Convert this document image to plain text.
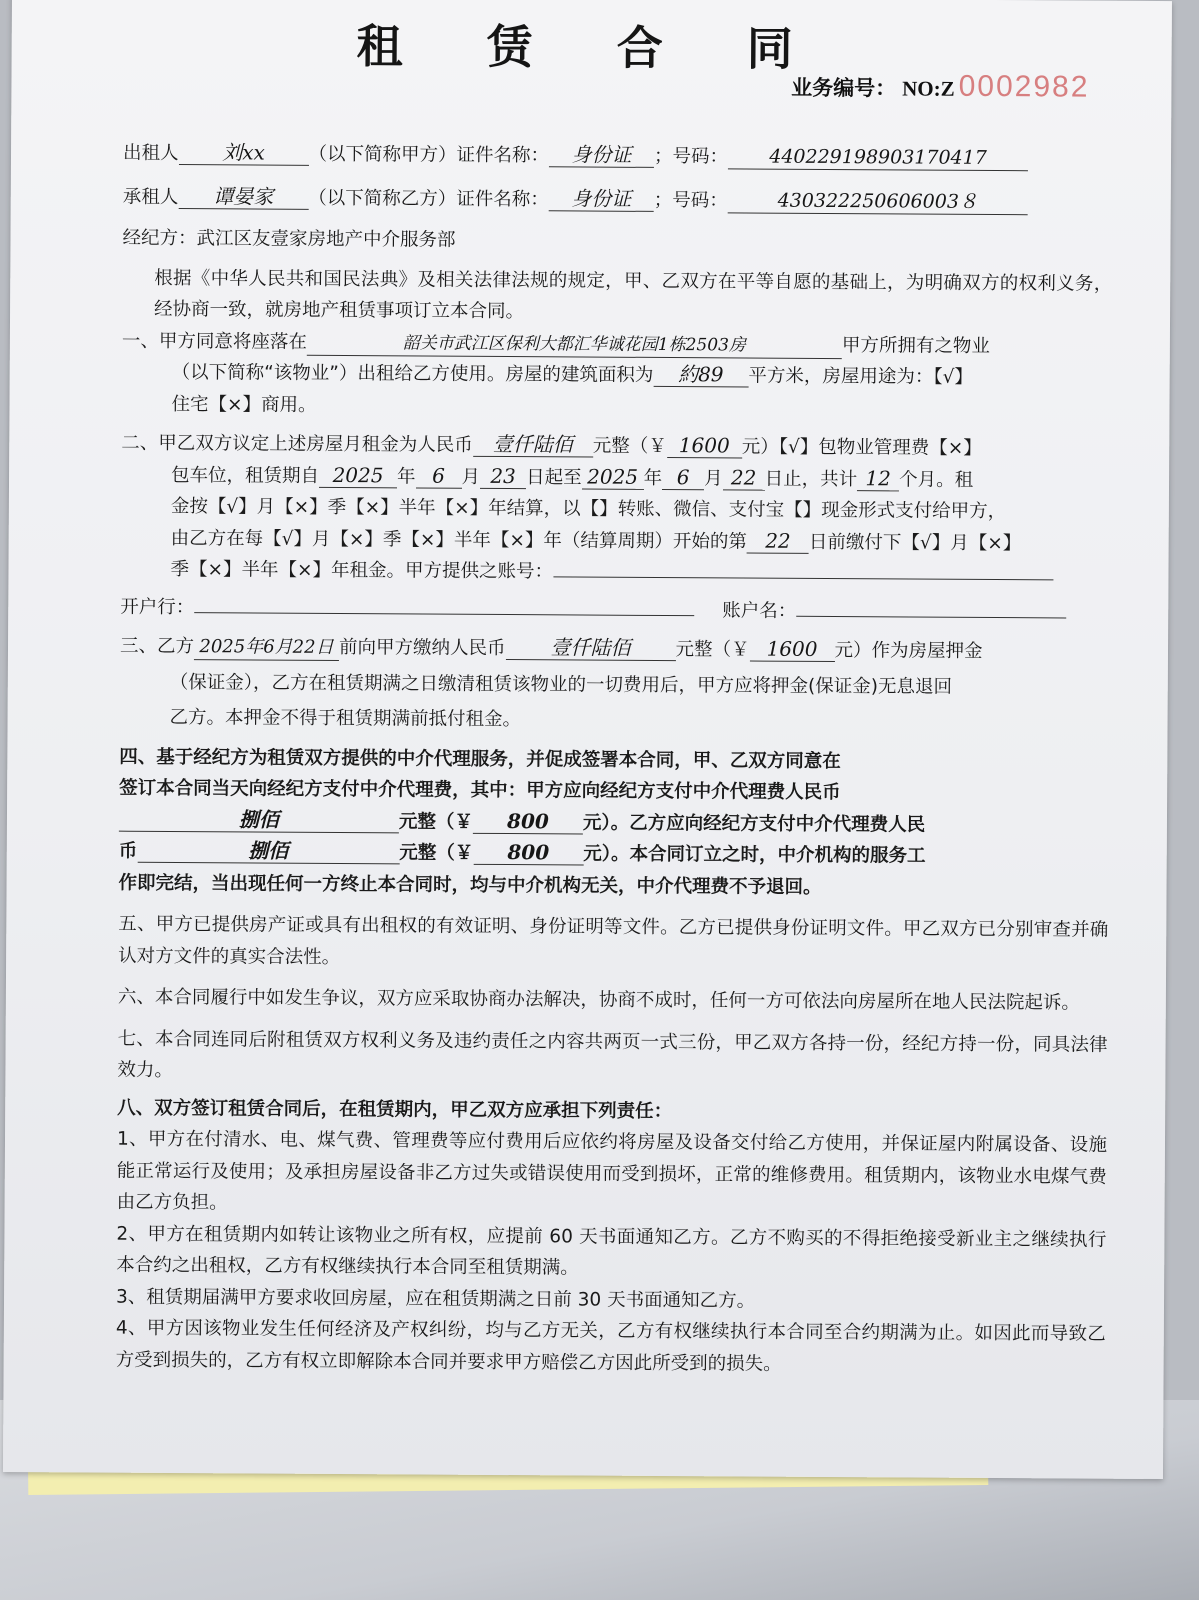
租 赁 合 同
业务编号： NO:Z 0002982
出租人 刘xx （以下简称甲方）证件名称： 身份证 ；号码： 440229198903170417
承租人 谭晏家 （以下简称乙方）证件名称： 身份证 ；号码：	430322250606003８
经纪方：武江区友壹家房地产中介服务部
根据《中华人民共和国民法典》及相关法律法规的规定，甲、乙双方在平等自愿的基础上，为明确双方的权利义务，经协商一致，就房地产租赁事项订立本合同。
一、甲方同意将座落在	韶关市武江区保利大都汇华诚花园1栋2503房	甲方所拥有之物业
（以下简称“该物业”）出租给乙方使用。房屋的建筑面积为 約89 平方米，房屋用途为：【√】
住宅【×】商用。
二、甲乙双方议定上述房屋月租金为人民币 壹仟陆佰 元整（￥ 1600 元）【√】包物业管理费【×】
包车位，租赁期自 2025 年 6 月 23 日起至 2025 年 6 月 22 日止，共计 12 个月。租
金按【√】月【×】季【×】半年【×】年结算，以【】转账、微信、支付宝【】现金形式支付给甲方，
由乙方在每【√】月【×】季【×】半年【×】年（结算周期）开始的第 22 日前缴付下【√】月【×】
季【×】半年【×】年租金。甲方提供之账号：
开户行：	账户名：
三、乙方 2025年6月22日 前向甲方缴纳人民币 壹仟陆佰 元整（￥ 1600 元）作为房屋押金
（保证金），乙方在租赁期满之日缴清租赁该物业的一切费用后，甲方应将押金(保证金)无息退回
乙方。本押金不得于租赁期满前抵付租金。
四、基于经纪方为租赁双方提供的中介代理服务，并促成签署本合同，甲、乙双方同意在
签订本合同当天向经纪方支付中介代理费，其中：甲方应向经纪方支付中介代理费人民币
捌佰	元整（￥ 800 元）。乙方应向经纪方支付中介代理费人民
币	捌佰	元整（￥ 800 元）。本合同订立之时，中介机构的服务工
作即完结，当出现任何一方终止本合同时，均与中介机构无关，中介代理费不予退回。
五、甲方已提供房产证或具有出租权的有效证明、身份证明等文件。乙方已提供身份证明文件。甲乙双方已分别审查并确认对方文件的真实合法性。
六、本合同履行中如发生争议，双方应采取协商办法解决，协商不成时，任何一方可依法向房屋所在地人民法院起诉。
七、本合同连同后附租赁双方权利义务及违约责任之内容共两页一式三份，甲乙双方各持一份，经纪方持一份，同具法律效力。
八、双方签订租赁合同后，在租赁期内，甲乙双方应承担下列责任：
1、甲方在付清水、电、煤气费、管理费等应付费用后应依约将房屋及设备交付给乙方使用，并保证屋内附属设备、设施能正常运行及使用；及承担房屋设备非乙方过失或错误使用而受到损坏，正常的维修费用。租赁期内，该物业水电煤气费由乙方负担。
2、甲方在租赁期内如转让该物业之所有权，应提前 60 天书面通知乙方。乙方不购买的不得拒绝接受新业主之继续执行本合约之出租权，乙方有权继续执行本合同至租赁期满。
3、租赁期届满甲方要求收回房屋，应在租赁期满之日前 30 天书面通知乙方。
4、甲方因该物业发生任何经济及产权纠纷，均与乙方无关，乙方有权继续执行本合同至合约期满为止。如因此而导致乙方受到损失的，乙方有权立即解除本合同并要求甲方赔偿乙方因此所受到的损失。
